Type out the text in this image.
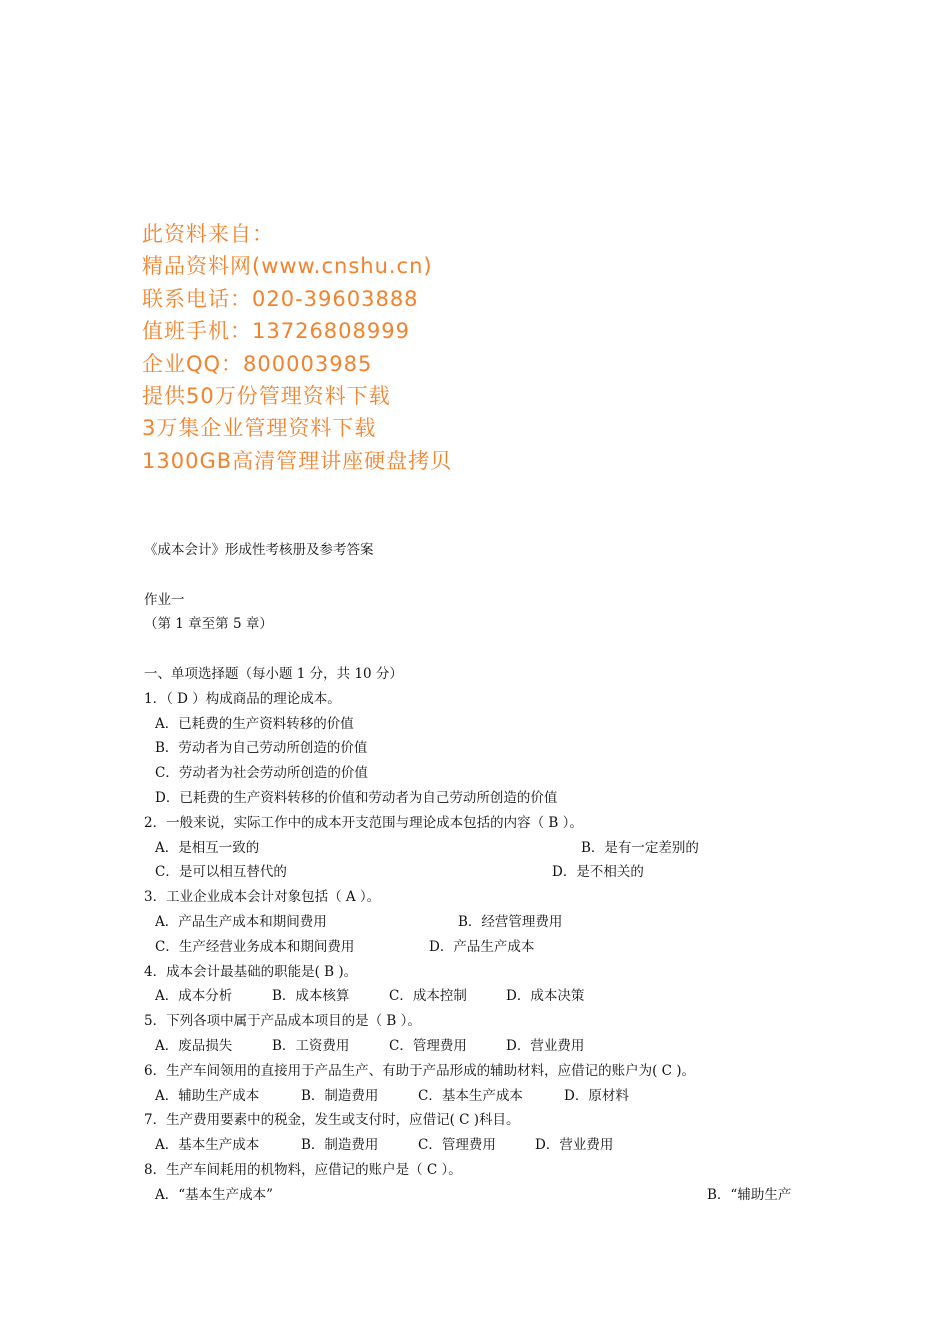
此资料来自：
精品资料网(www.cnshu.cn)
联系电话：020-39603888
值班手机：13726808999
企业QQ：800003985
提供50万份管理资料下载
3万集企业管理资料下载
1300GB高清管理讲座硬盘拷贝
《成本会计》形成性考核册及参考答案
作业一
（第 1 章至第 5 章）
一、单项选择题（每小题 1 分，共 10 分）
1．（ D ）构成商品的理论成本。
A．已耗费的生产资料转移的价值
B．劳动者为自己劳动所创造的价值
C．劳动者为社会劳动所创造的价值
D．已耗费的生产资料转移的价值和劳动者为自己劳动所创造的价值
2．一般来说，实际工作中的成本开支范围与理论成本包括的内容（ B ）。
A．是相互一致的	B．是有一定差别的
C．是可以相互替代的	D．是不相关的
3．工业企业成本会计对象包括（ A ）。
A．产品生产成本和期间费用	B．经营管理费用
C．生产经营业务成本和期间费用	D．产品生产成本
4．成本会计最基础的职能是( B )。
A．成本分析	B．成本核算	C．成本控制	D．成本决策
5．下列各项中属于产品成本项目的是（ B ）。
A．废品损失	B．工资费用	C．管理费用	D．营业费用
6．生产车间领用的直接用于产品生产、有助于产品形成的辅助材料，应借记的账户为( C )。
A．辅助生产成本	B．制造费用	C．基本生产成本	D．原材料
7．生产费用要素中的税金，发生或支付时，应借记( C )科目。
A．基本生产成本	B．制造费用	C．管理费用	D．营业费用
8．生产车间耗用的机物料，应借记的账户是（ C ）。
A．“基本生产成本”	B．“辅助生产
